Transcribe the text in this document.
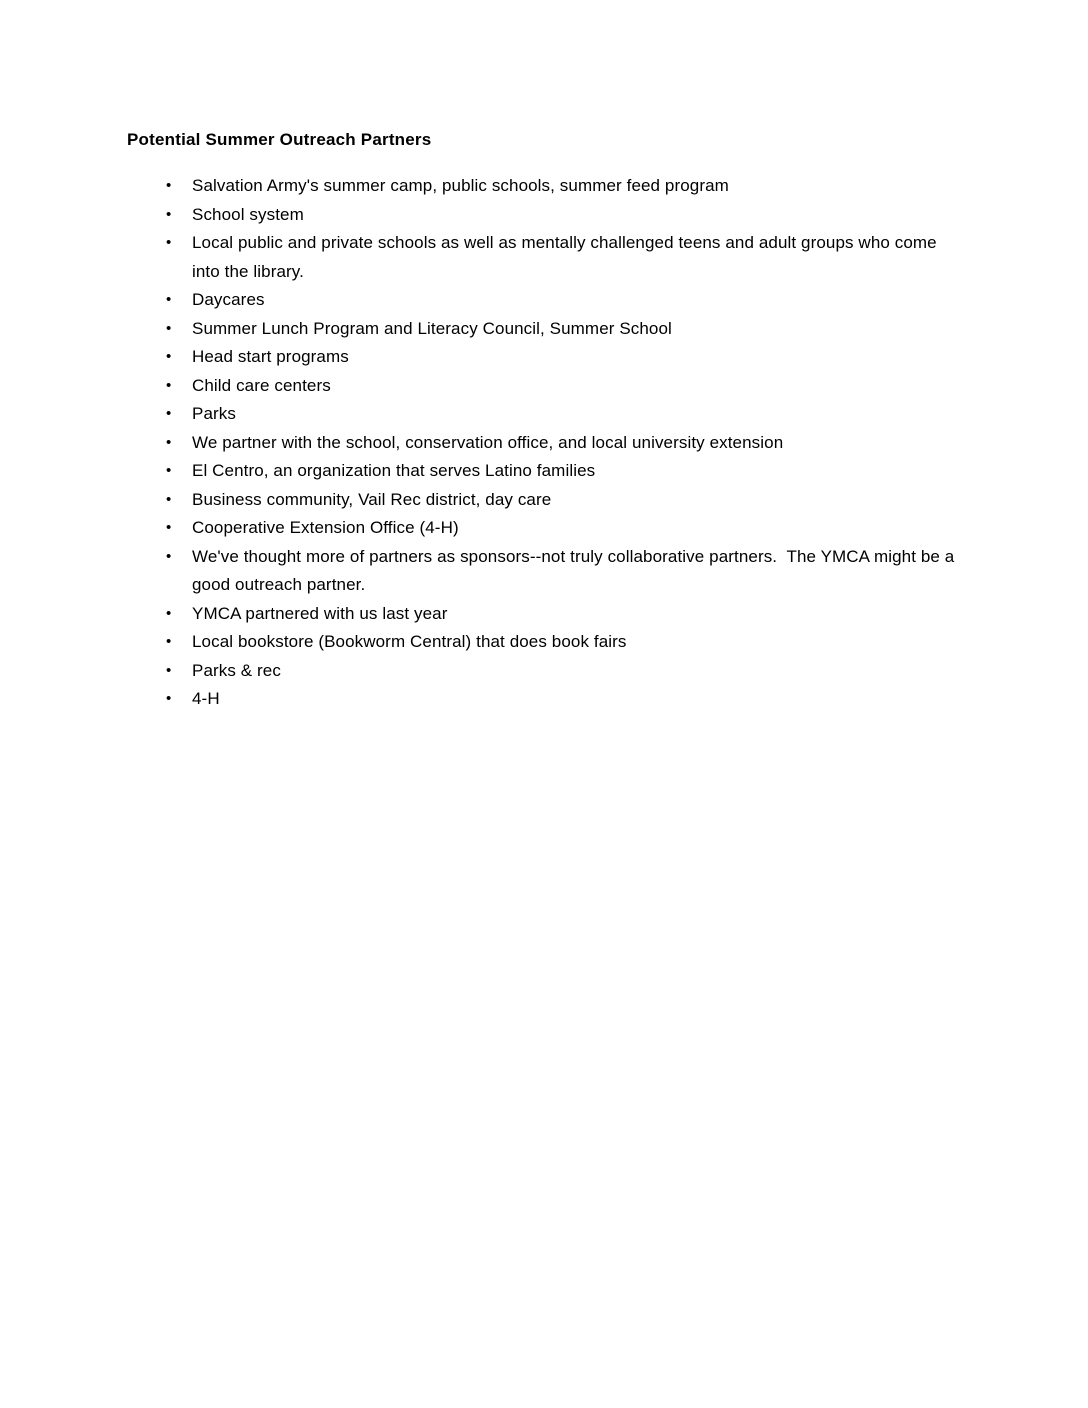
Potential Summer Outreach Partners
• Salvation Army's summer camp, public schools, summer feed program
• School system
• Local public and private schools as well as mentally challenged teens and adult groups who come into the library.
• Daycares
• Summer Lunch Program and Literacy Council, Summer School
• Head start programs
• Child care centers
• Parks
• We partner with the school, conservation office, and local university extension
• El Centro, an organization that serves Latino families
• Business community, Vail Rec district, day care
• Cooperative Extension Office (4-H)
• We've thought more of partners as sponsors--not truly collaborative partners.  The YMCA might be a good outreach partner.
• YMCA partnered with us last year
• Local bookstore (Bookworm Central) that does book fairs
• Parks & rec
• 4-H
